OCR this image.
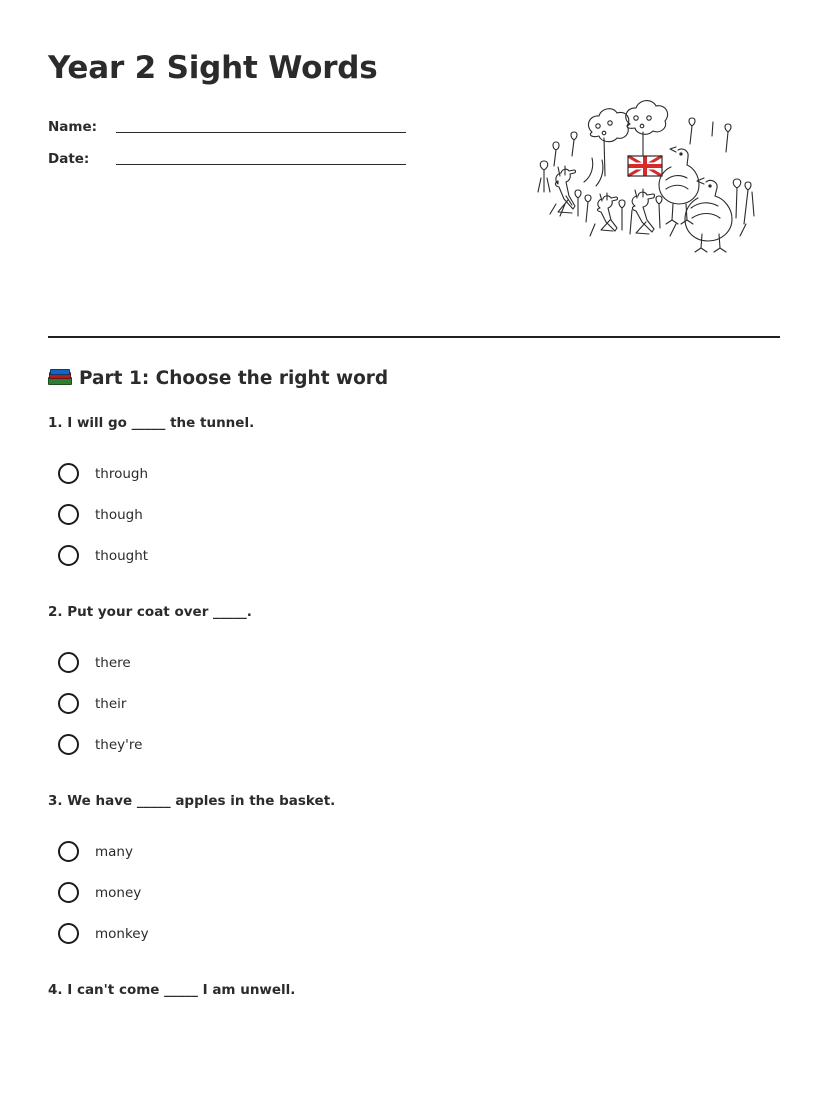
Year 2 Sight Words
Name:
Date:
Part 1: Choose the right word

1. I will go _____ the tunnel.

through
though
thought

2. Put your coat over _____.

there
their
they're

3. We have _____ apples in the basket.

many
money
monkey

4. I can't come _____ I am unwell.
